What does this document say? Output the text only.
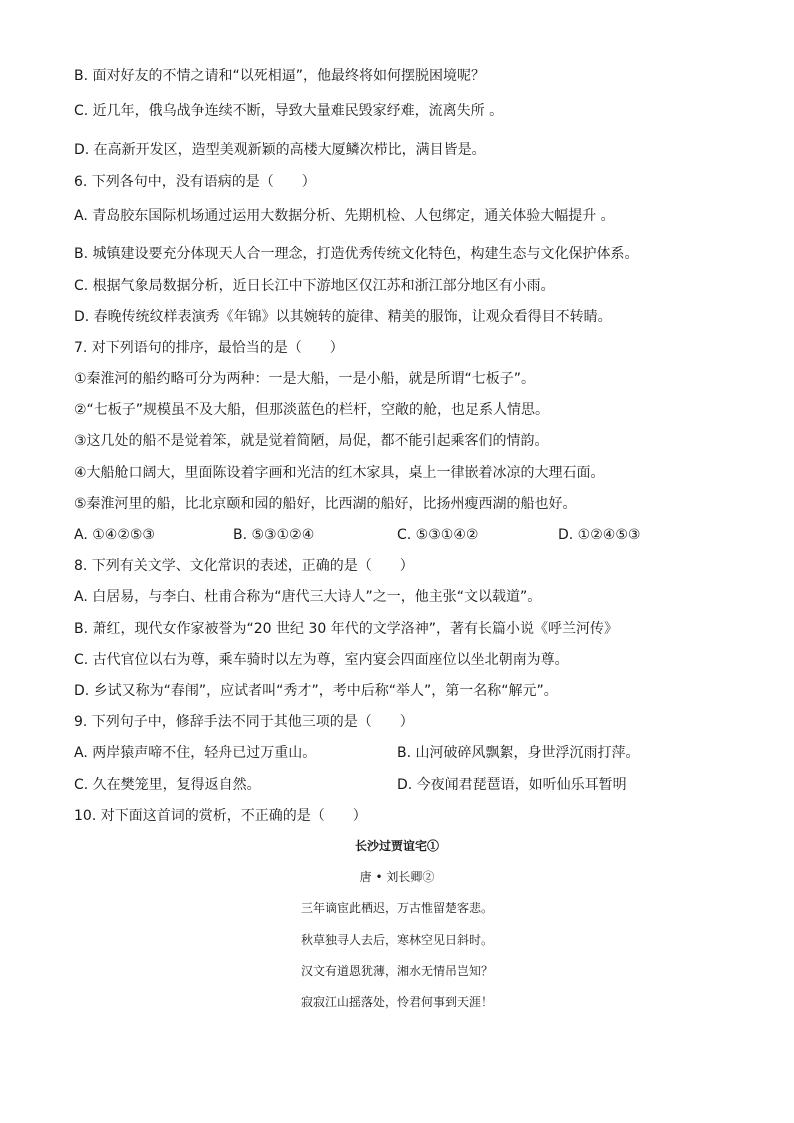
B. 面对好友的不情之请和“以死相逼”，他最终将如何摆脱困境呢？
C. 近几年，俄乌战争连续不断，导致大量难民毁家纾难，流离失所 。
D. 在高新开发区，造型美观新颖的高楼大厦鳞次栉比，满目皆是。
6. 下列各句中，没有语病的是（　　）
A. 青岛胶东国际机场通过运用大数据分析、先期机检、人包绑定，通关体验大幅提升 。
B. 城镇建设要充分体现天人合一理念，打造优秀传统文化特色，构建生态与文化保护体系。
C. 根据气象局数据分析，近日长江中下游地区仅江苏和浙江部分地区有小雨。
D. 春晚传统纹样表演秀《年锦》以其婉转的旋律、精美的服饰，让观众看得目不转睛。
7. 对下列语句的排序，最恰当的是（　　）
①秦淮河的船约略可分为两种：一是大船，一是小船，就是所谓“七板子”。
②“七板子”规模虽不及大船，但那淡蓝色的栏杆，空敞的舱，也足系人情思。
③这几处的船不是觉着笨，就是觉着简陋，局促，都不能引起乘客们的情韵。
④大船舱口阔大，里面陈设着字画和光洁的红木家具，桌上一律嵌着冰凉的大理石面。
⑤秦淮河里的船，比北京颐和园的船好，比西湖的船好，比扬州瘦西湖的船也好。
A. ①④②⑤③	B. ⑤③①②④	C. ⑤③①④②	D. ①②④⑤③
8. 下列有关文学、文化常识的表述，正确的是（　　）
A. 白居易，与李白、杜甫合称为“唐代三大诗人”之一，他主张“文以载道”。
B. 萧红，现代女作家被誉为“20 世纪 30 年代的文学洛神”，著有长篇小说《呼兰河传》
C. 古代官位以右为尊，乘车骑时以左为尊，室内宴会四面座位以坐北朝南为尊。
D. 乡试又称为“春闱”，应试者叫“秀才”，考中后称“举人”，第一名称“解元”。
9. 下列句子中，修辞手法不同于其他三项的是（　　）
A. 两岸猿声啼不住，轻舟已过万重山。	B. 山河破碎风飘絮，身世浮沉雨打萍。
C. 久在樊笼里，复得返自然。	D. 今夜闻君琵琶语，如听仙乐耳暂明
10. 对下面这首词的赏析，不正确的是（　　）
长沙过贾谊宅①
唐 • 刘长卿②
三年谪宦此栖迟，万古惟留楚客悲。
秋草独寻人去后，寒林空见日斜时。
汉文有道恩犹薄，湘水无情吊岂知？
寂寂江山摇落处，怜君何事到天涯！
